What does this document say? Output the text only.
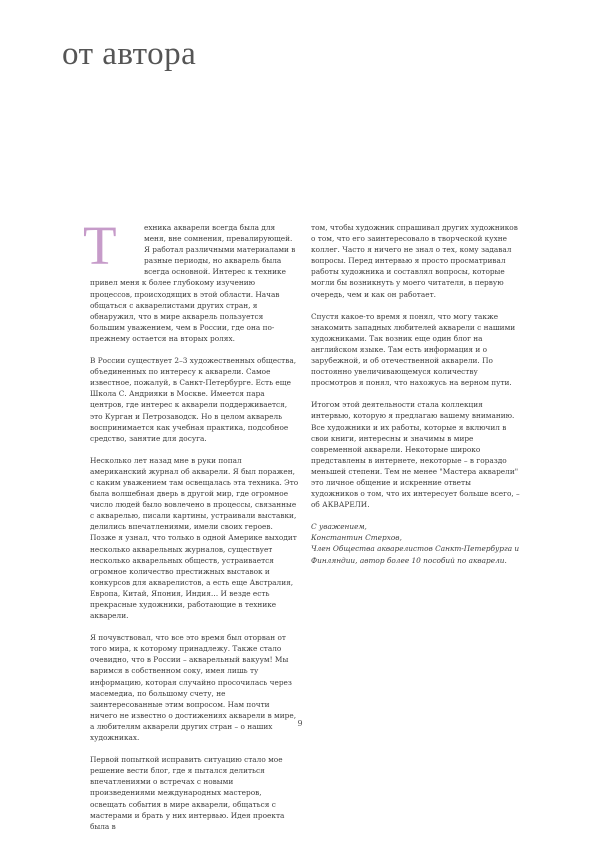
от автора

Т	ехника акварели всегда была для меня, вне сомнения, превалирующей. Я работал различными материалами в разные периоды, но акварель была всегда основной. Интерес к технике привел меня к более глубокому изучению процессов, происходящих в этой области. Начав общаться с акварелистами других стран, я обнаружил, что в мире акварель пользуется большим уважением, чем в России, где она по-прежнему остается на вторых ролях.

В России существует 2–3 художественных общества, объединенных по интересу к акварели. Самое известное, пожалуй, в Санкт-Петербурге. Есть еще Школа С. Андрияки в Москве. Имеется пара центров, где интерес к акварели поддерживается, это Курган и Петрозаводск. Но в целом акварель воспринимается как учебная практика, подсобное средство, занятие для досуга.

Несколько лет назад мне в руки попал американский журнал об акварели. Я был поражен, с каким уважением там освещалась эта техника. Это была волшебная дверь в другой мир, где огромное число людей было вовлечено в процессы, связанные с акварелью, писали картины, устраивали выставки, делились впечатлениями, имели своих героев. Позже я узнал, что только в одной Америке выходит несколько акварельных журналов, существует несколько акварельных обществ, устраивается огромное количество престижных выставок и конкурсов для акварелистов, а есть еще Австралия, Европа, Китай, Япония, Индия… И везде есть прекрасные художники, работающие в технике акварели.

Я почувствовал, что все это время был оторван от того мира, к которому принадлежу. Также стало очевидно, что в России – акварельный вакуум! Мы варимся в собственном соку, имея лишь ту информацию, которая случайно просочилась через масемедиа, по большому счету, не заинтересованные этим вопросом. Нам почти ничего не известно о достижениях акварели в мире, а любителям акварели других стран – о наших художниках.

Первой попыткой исправить ситуацию стало мое решение вести блог, где я пытался делиться впечатлениями о встречах с новыми произведениями международных мастеров, освещать события в мире акварели, общаться с мастерами и брать у них интервью. Идея проекта была в

том, чтобы художник спрашивал других художников о том, что его заинтересовало в творческой кухне коллег. Часто я ничего не знал о тех, кому задавал вопросы. Перед интервью я просто просматривал работы художника и составлял вопросы, которые могли бы возникнуть у моего читателя, в первую очередь, чем и как он работает.

Спустя какое-то время я понял, что могу также знакомить западных любителей акварели с нашими художниками. Так возник еще один блог на английском языке. Там есть информация и о зарубежной, и об отечественной акварели. По постоянно увеличивающемуся количеству просмотров я понял, что нахожусь на верном пути.

Итогом этой деятельности стала коллекция интервью, которую я предлагаю вашему вниманию. Все художники и их работы, которые я включил в свои книги, интересны и значимы в мире современной акварели. Некоторые широко представлены в интернете, некоторые – в гораздо меньшей степени. Тем не менее "Мастера акварели" это личное общение и искренние ответы художников о том, что их интересует больше всего, – об АКВАРЕЛИ.

С уважением,

Константин Стерхов,

Член Общества акварелистов Санкт-Петербурга и Финляндии, автор более 10 пособий по акварели.

9
